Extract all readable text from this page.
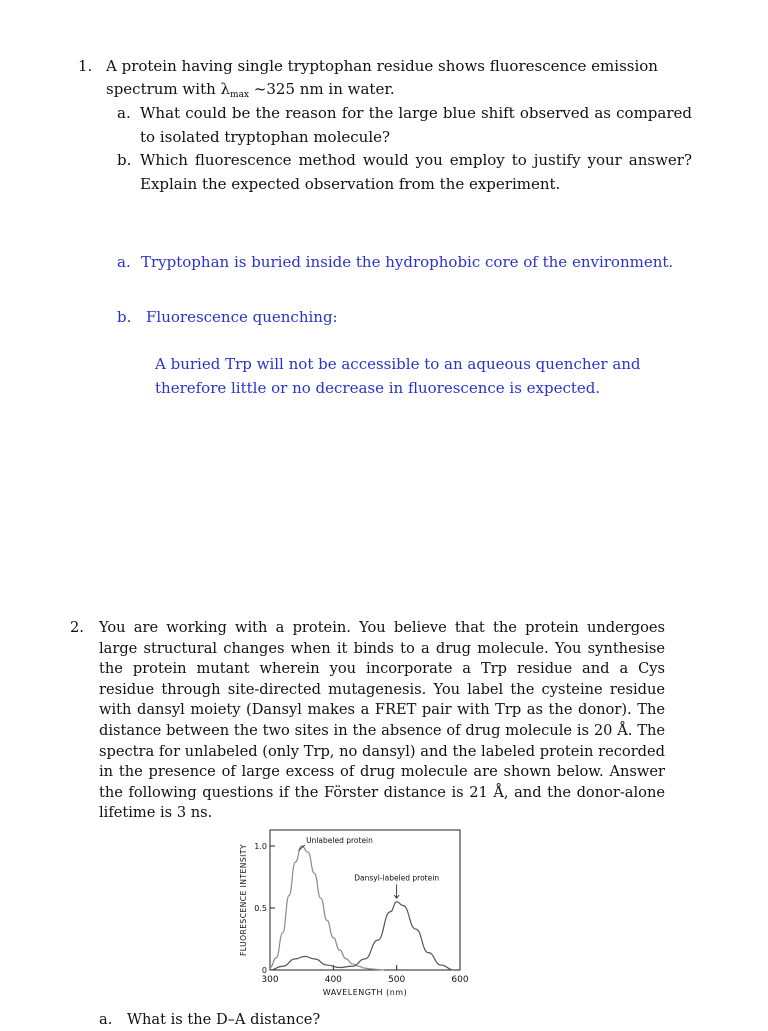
1. A protein having single tryptophan residue shows fluorescence emission
spectrum with $\lambda_{max}$ ~325 nm in water.
a. What could be the reason for the large blue shift observed as compared to isolated tryptophan molecule?
b. Which fluorescence method would you employ to justify your answer? Explain the expected observation from the experiment.
a. Tryptophan is buried inside the hydrophobic core of the environment.
b. Fluorescence quenching:
A buried Trp will not be accessible to an aqueous quencher and therefore little or no decrease in fluorescence is expected.
2. You are working with a protein. You believe that the protein undergoes large structural changes when it binds to a drug molecule. You synthesise the protein mutant wherein you incorporate a Trp residue and a Cys residue through site-directed mutagenesis. You label the cysteine residue with dansyl moiety (Dansyl makes a FRET pair with Trp as the donor). The distance between the two sites in the absence of drug molecule is 20 Å. The spectra for unlabeled (only Trp, no dansyl) and the labeled protein recorded in the presence of large excess of drug molecule are shown below. Answer the following questions if the Förster distance is 21 Å, and the donor-alone lifetime is 3 ns.
300	400	500	600
0
0.5
1.0
WAVELENGTH (nm)
FLUORESCENCE INTENSITY
Unlabeled protein
Dansyl-labeled protein
a. What is the D–A distance?
